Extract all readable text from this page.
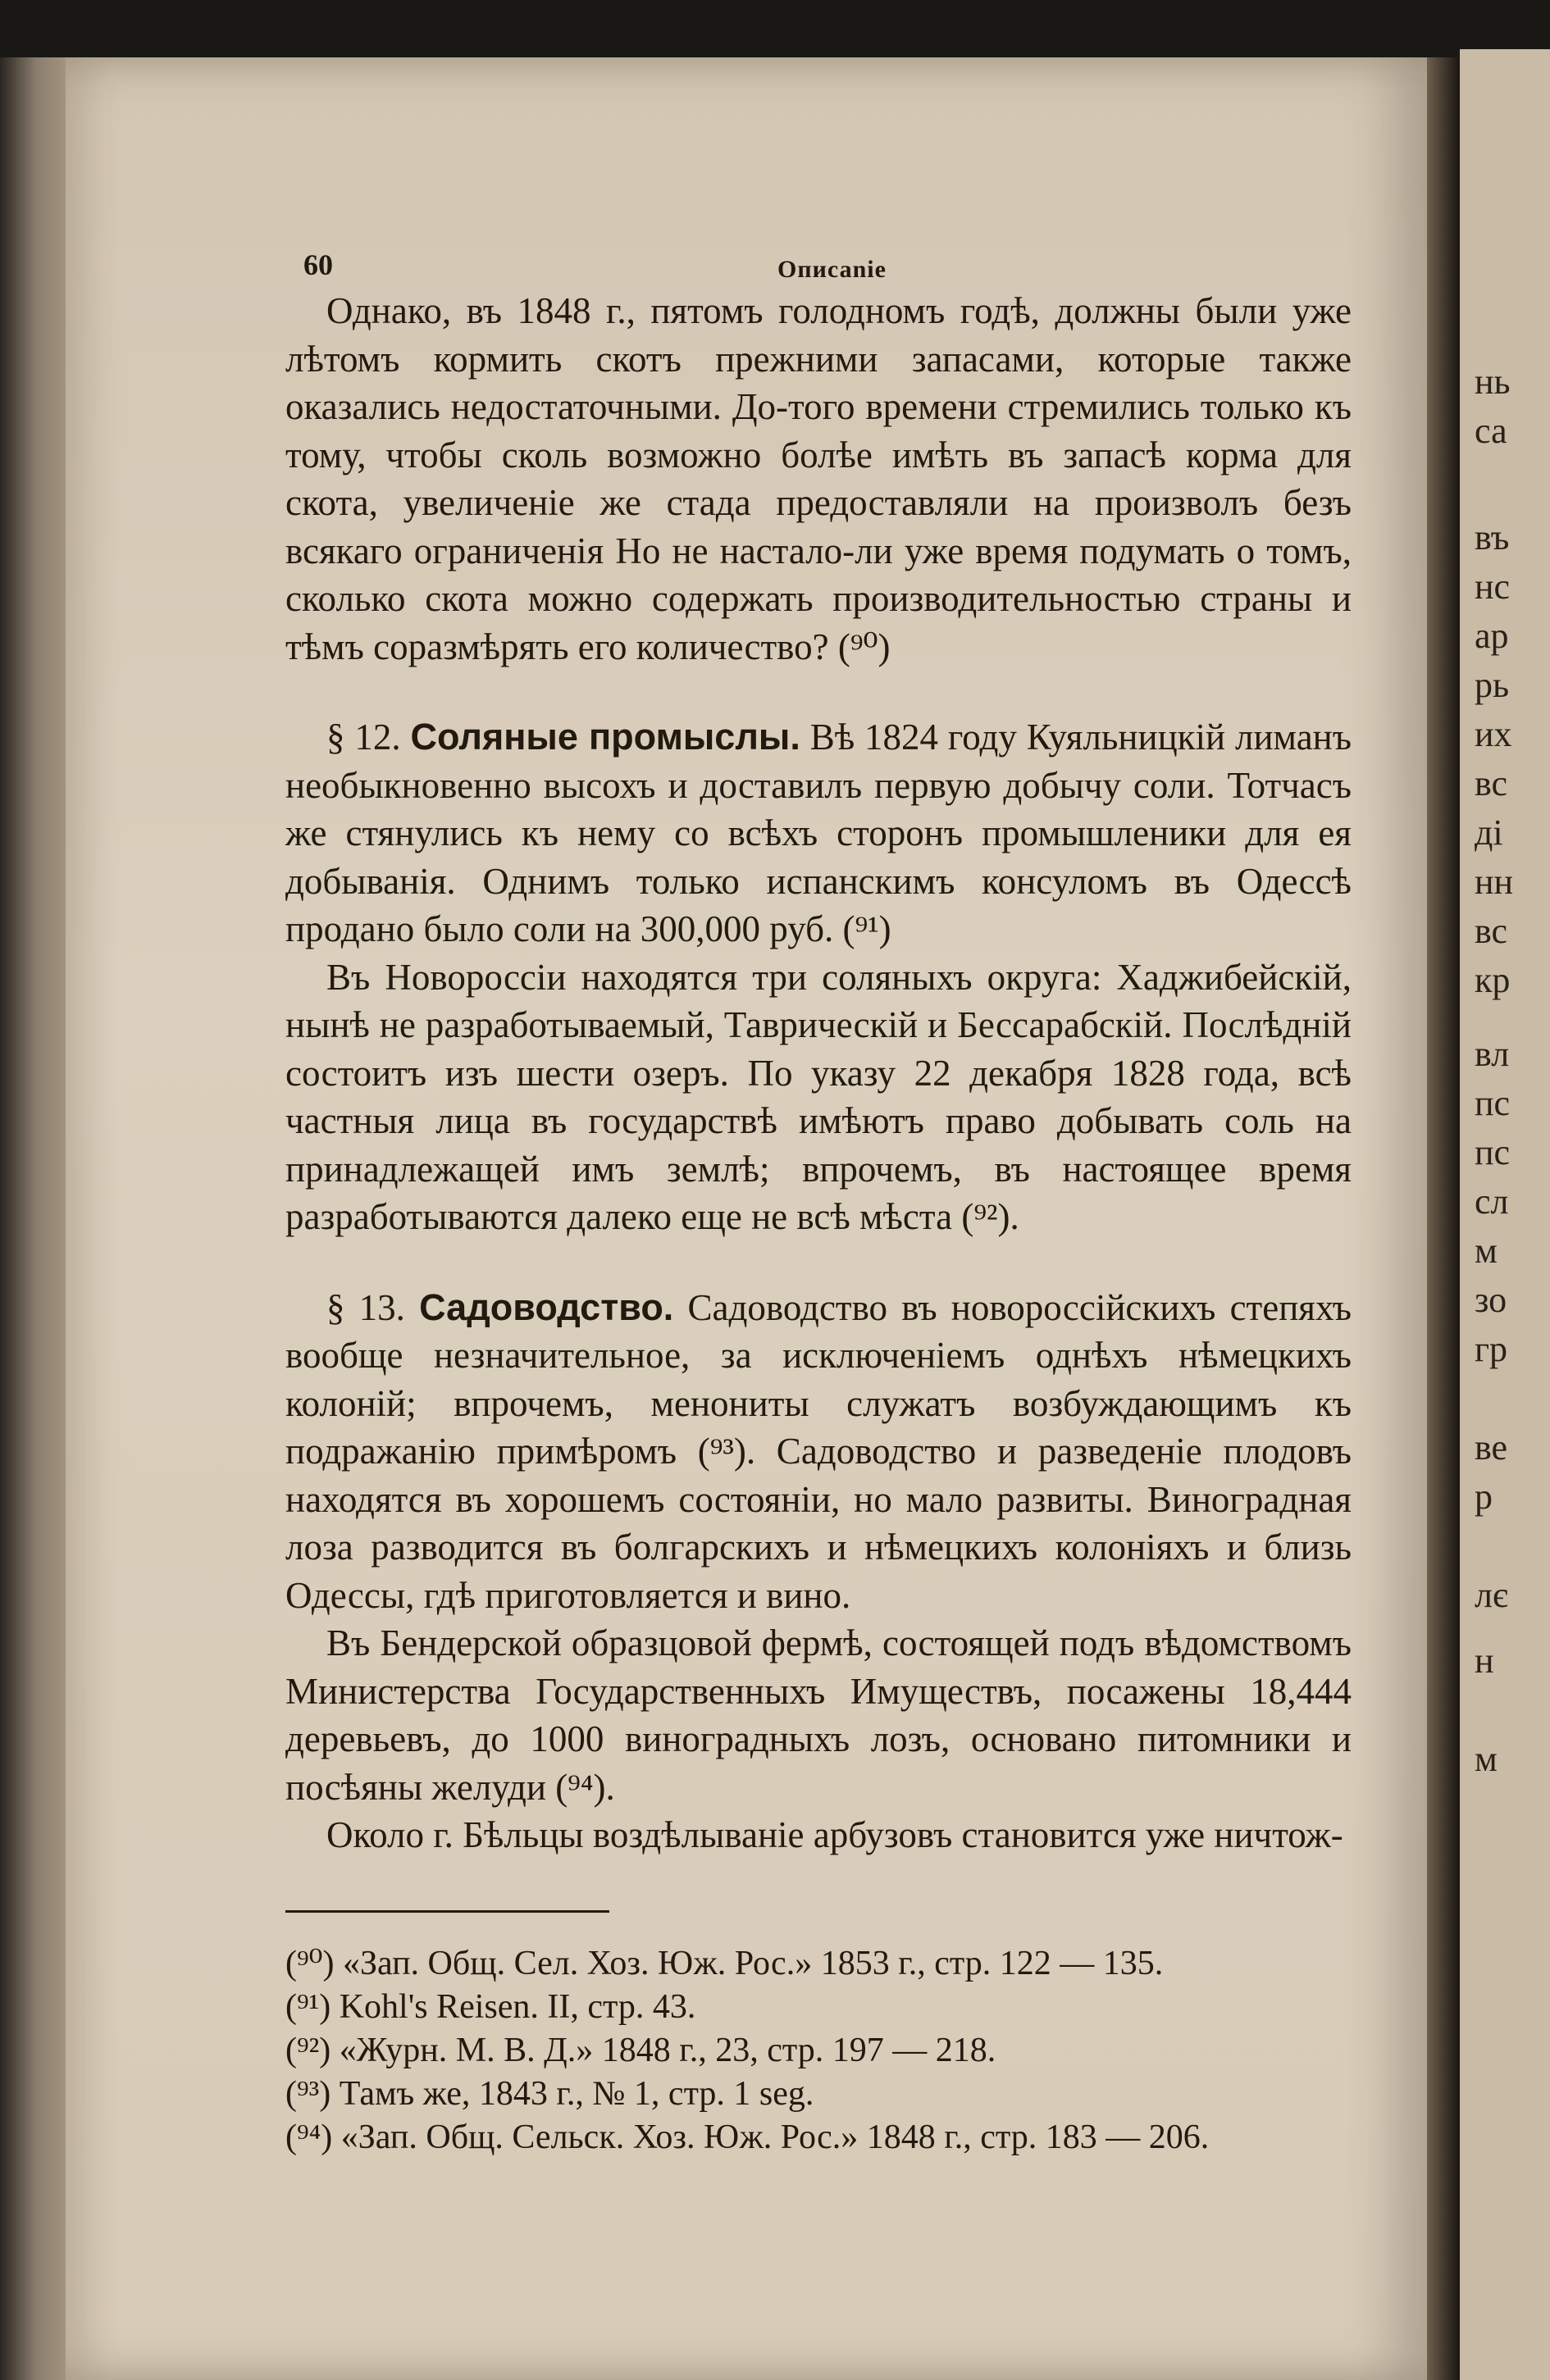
нь
са
въ
нс
ар
рь
их
вс
ді
нн
вс
кр
вл
пс
пс
сл
м
зо
гр
ве
р
лє
н
м
60	Описаnie

Однако, въ 1848 г., пятомъ голодномъ годѣ, должны были уже лѣтомъ кормить скотъ прежними запасами, которые также оказались недостаточными. До-того времени стремились только къ тому, чтобы сколь возможно болѣе имѣть въ запасѣ корма для скота, увеличеніе же стада предоставляли на произволъ безъ всякаго ограниченія Но не настало-ли уже время подумать о томъ, сколько скота можно содержать производительностью страны и тѣмъ соразмѣрять его количество? (⁹⁰)

§ 12. Соляные промыслы. Вѣ 1824 году Куяльницкій лиманъ необыкновенно высохъ и доставилъ первую добычу соли. Тотчасъ же стянулись къ нему со всѣхъ сторонъ промышленики для ея добыванія. Однимъ только испанскимъ консуломъ въ Одессѣ продано было соли на 300,000 руб. (⁹¹)

Въ Новороссіи находятся три соляныхъ округа: Хаджибейскій, нынѣ не разработываемый, Таврическій и Бессарабскій. Послѣдній состоитъ изъ шести озеръ. По указу 22 декабря 1828 года, всѣ частныя лица въ государствѣ имѣютъ право добывать соль на принадлежащей имъ землѣ; впрочемъ, въ настоящее время разработываются далеко еще не всѣ мѣста (⁹²).

§ 13. Садоводство. Садоводство въ новороссійскихъ степяхъ вообще незначительное, за исключеніемъ однѣхъ нѣмецкихъ колоній; впрочемъ, менониты служатъ возбуждающимъ къ подражанію примѣромъ (⁹³). Садоводство и разведеніе плодовъ находятся въ хорошемъ состояніи, но мало развиты. Виноградная лоза разводится въ болгарскихъ и нѣмецкихъ колоніяхъ и близь Одессы, гдѣ приготовляется и вино.

Въ Бендерской образцовой фермѣ, состоящей подъ вѣдомствомъ Министерства Государственныхъ Имуществъ, посажены 18,444 деревьевъ, до 1000 виноградныхъ лозъ, основано питомники и посѣяны желуди (⁹⁴).

Около г. Бѣльцы воздѣлываніе арбузовъ становится уже ничтож-

(⁹⁰) «Зап. Общ. Сел. Хоз. Юж. Рос.» 1853 г., стр. 122 — 135.

(⁹¹) Kohl's Reisen. II, стр. 43.

(⁹²) «Журн. М. В. Д.» 1848 г., 23, стр. 197 — 218.

(⁹³) Тамъ же, 1843 г., № 1, стр. 1 seg.

(⁹⁴) «Зап. Общ. Сельск. Хоз. Юж. Рос.» 1848 г., стр. 183 — 206.
